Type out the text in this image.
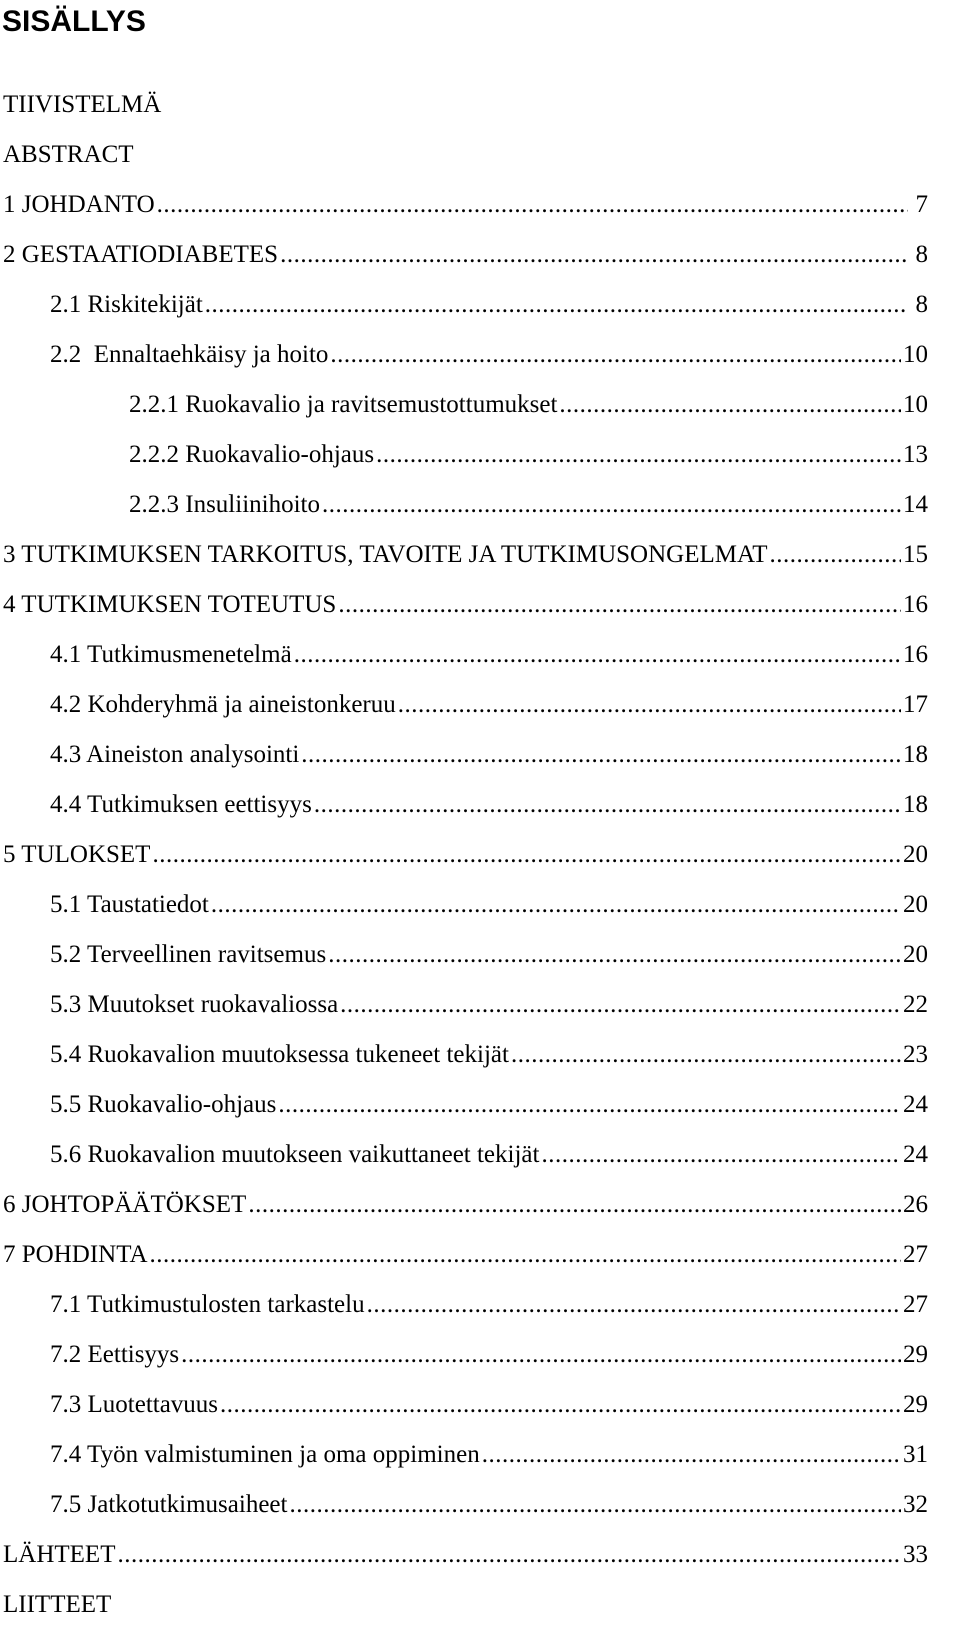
SISÄLLYS
TIIVISTELMÄ
ABSTRACT
1 JOHDANTO .....	7
2 GESTAATIODIABETES .....	8
2.1 Riskitekijät .....	8
2.2  Ennaltaehkäisy ja hoito .....	10
2.2.1 Ruokavalio ja ravitsemustottumukset .....	10
2.2.2 Ruokavalio-ohjaus .....	13
2.2.3 Insuliinihoito .....	14
3 TUTKIMUKSEN TARKOITUS, TAVOITE JA TUTKIMUSONGELMAT .....	15
4 TUTKIMUKSEN TOTEUTUS .....	16
4.1 Tutkimusmenetelmä .....	16
4.2 Kohderyhmä ja aineistonkeruu .....	17
4.3 Aineiston analysointi .....	18
4.4 Tutkimuksen eettisyys .....	18
5 TULOKSET .....	20
5.1 Taustatiedot .....	20
5.2 Terveellinen ravitsemus .....	20
5.3 Muutokset ruokavaliossa .....	22
5.4 Ruokavalion muutoksessa tukeneet tekijät .....	23
5.5 Ruokavalio-ohjaus .....	24
5.6 Ruokavalion muutokseen vaikuttaneet tekijät .....	24
6 JOHTOPÄÄTÖKSET .....	26
7 POHDINTA .....	27
7.1 Tutkimustulosten tarkastelu .....	27
7.2 Eettisyys .....	29
7.3 Luotettavuus .....	29
7.4 Työn valmistuminen ja oma oppiminen .....	31
7.5 Jatkotutkimusaiheet .....	32
LÄHTEET .....	33
LIITTEET
